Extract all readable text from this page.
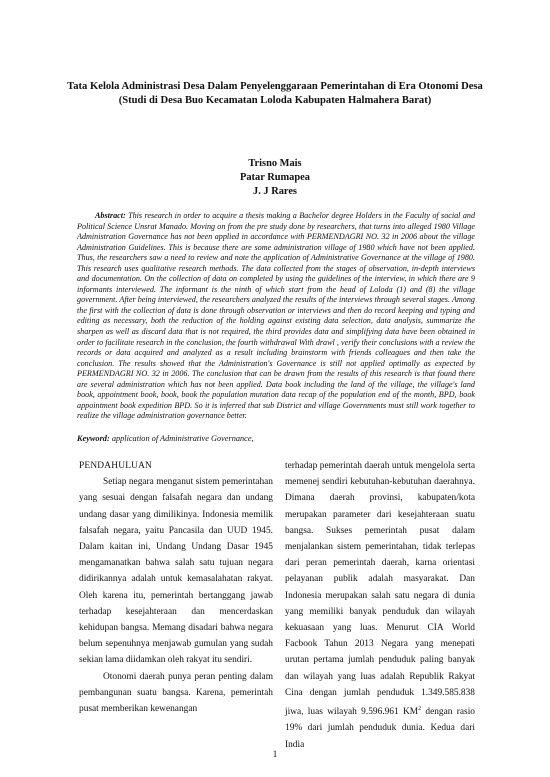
Tata Kelola Administrasi Desa Dalam Penyelenggaraan Pemerintahan di Era Otonomi Desa
(Studi di Desa Buo Kecamatan Loloda Kabupaten Halmahera Barat)
Trisno Mais
Patar Rumapea
J. J Rares

Abstract: This research in order to acquire a thesis making a Bachelor degree Holders in the Faculty of social and Political Science Unsrat Manado. Moving on from the pre study done by researchers, that turns into alleged 1980 Village Administration Governance has not been applied in accordance with PERMENDAGRI NO. 32 in 2006 about the village Administration Guidelines. This is because there are some administration village of 1980 which have not been applied. Thus, the researchers saw a need to review and note the application of Administrative Governance at the village of 1980. This research uses qualitative research methods. The data collected from the stages of observation, in-depth interviews and documentation. On the collection of data on completed by using the guidelines of the interview, in which there are 9 informants interviewed. The informant is the ninth of which start from the head of Loloda (1) and (8) the village government. After being interviewed, the researchers analyzed the results of the interviews through several stages. Among the first with the collection of data is done through observation or interviews and then do record keeping and typing and editing as necessary, both the reduction of the holding against existing data selection, data analysis, summarize the sharpen as well as discard data that is not required, the third provides data and simplifying data have been obtained in order to facilitate research in the conclusion, the fourth withdrawal With drawl , verify their conclusions with a review the records or data acquired and analyzed as a result including brainstorm with friends colleagues and then take the conclusion. The results showed that the Administration's Governance is still not applied optimally as expected by PERMENDAGRI NO. 32 in 2006. The conclusion that can be drawn from the results of this research is that found there are several administration which has not been applied. Data book including the land of the village, the village's land book, appointment book, book, book the population mutation data recap of the population end of the month, BPD, book appointment book expedition BPD. So it is inferred that sub District and village Governments must still work together to realize the village administration governance better.

Keyword: application of Administrative Governance,

PENDAHULUAN

Setiap negara menganut sistem pemerintahan yang sesuai dengan falsafah negara dan undang undang dasar yang dimilikinya. Indonesia memilik falsafah negara, yaitu Pancasila dan UUD 1945. Dalam kaitan ini, Undang Undang Dasar 1945 mengamanatkan bahwa salah satu tujuan negara didirikannya adalah untuk kemasalahatan rakyat. Oleh karena itu, pemerintah bertanggang jawab terhadap kesejahteraan dan mencerdaskan kehidupan bangsa. Memang disadari bahwa negara belum sepenuhnya menjawab gumulan yang sudah sekian lama diidamkan oleh rakyat itu sendiri.

Otonomi daerah punya peran penting dalam pembangunan suatu bangsa. Karena, pemerintah pusat memberikan kewenangan

terhadap pemerintah daerah untuk mengelola serta memenej sendiri kebutuhan-kebutuhan daerahnya. Dimana daerah provinsi, kabupaten/kota merupakan parameter dari kesejahteraan suatu bangsa. Sukses pemerintah pusat dalam menjalankan sistem pemerintahan, tidak terlepas dari peran pemerintah daerah, karna orientasi pelayanan publik adalah masyarakat. Dan Indonesia merupakan salah satu negara di dunia yang memiliki banyak penduduk dan wilayah kekuasaan yang luas. Menurut CIA World Facbook Tahun 2013 Negara yang menepati urutan pertama jumlah penduduk paling banyak dan wilayah yang luas adalah Republik Rakyat Cina dengan jumlah penduduk 1.349.585.838 jiwa, luas wilayah 9.596.961 $KM^2$ dengan rasio 19% dari jumlah penduduk dunia. Kedua dari India

1
